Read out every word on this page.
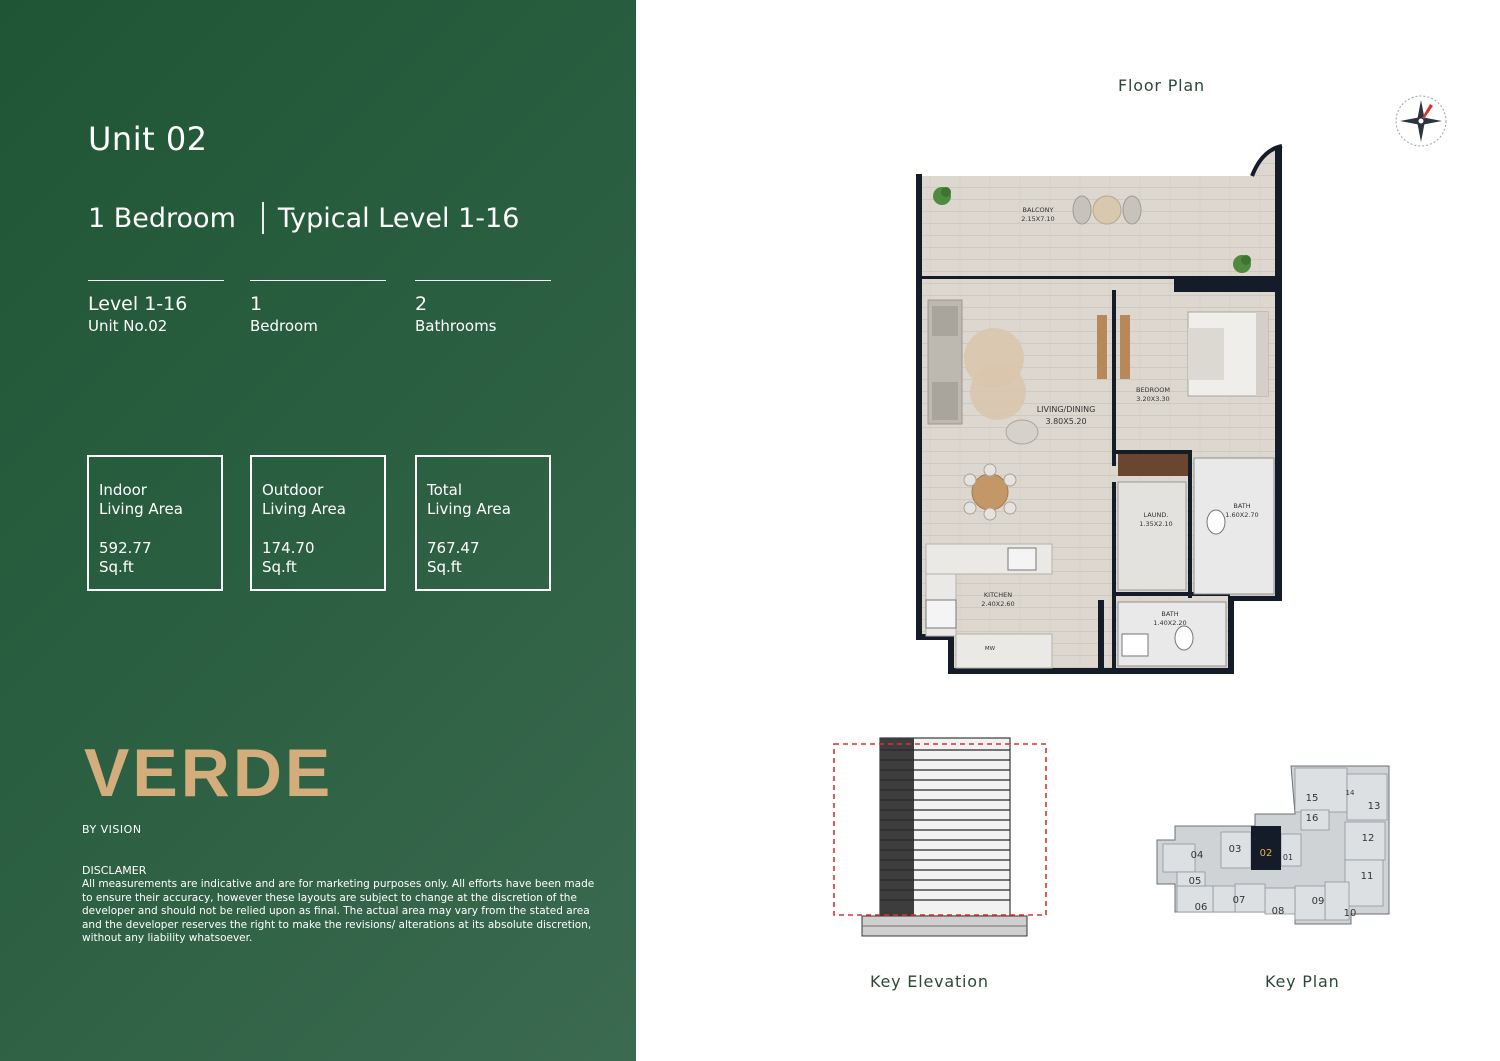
Unit 02
1 Bedroom Typical Level 1-16
Level 1-16
Unit No.02
1
Bedroom
2
Bathrooms
Indoor
Living Area
592.77
Sq.ft
Outdoor
Living Area
174.70
Sq.ft
Total
Living Area
767.47
Sq.ft
VERDE
BY VISION
DISCLAMER
All measurements are indicative and are for marketing purposes only. All efforts have been made to ensure their accuracy, however these layouts are subject to change at the discretion of the developer and should not be relied upon as final. The actual area may vary from the stated area and the developer reserves the right to make the revisions/ alterations at its absolute discretion, without any liability whatsoever.
Floor Plan
BALCONY
2.15X7.10
LIVING/DINING
3.80X5.20
BEDROOM
3.20X3.30
LAUND.
1.35X2.10
BATH
1.60X2.70
KITCHEN
2.40X2.60
BATH
1.40X2.20
MW
01
02
03
04
05
06
07
08
09
10
11
12
13
14
15
16
Key Elevation	Key Plan
